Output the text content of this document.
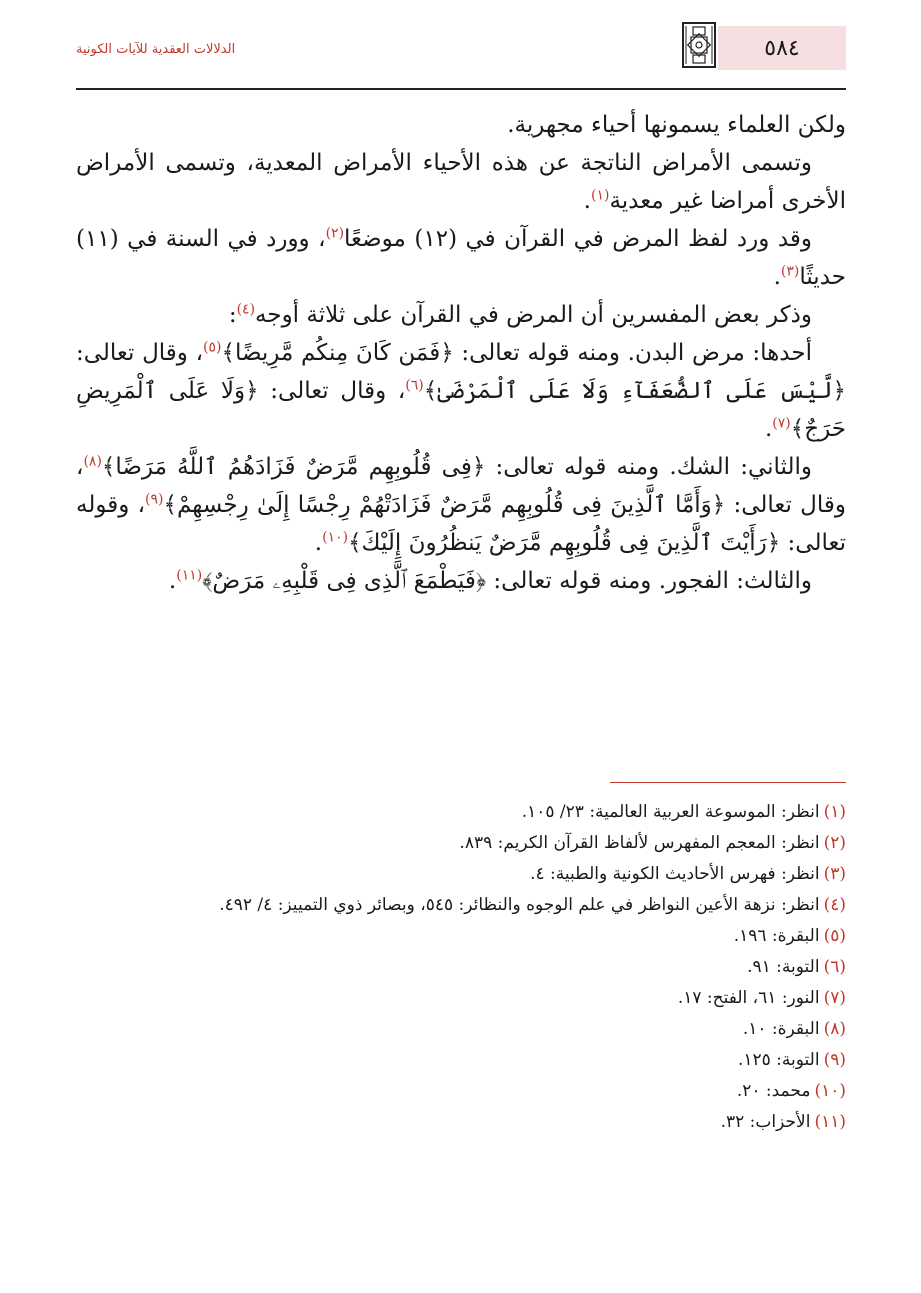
٥٨٤
الدلالات العقدية للآيات الكونية

ولكن العلماء يسمونها أحياء مجهرية.

وتسمى الأمراض الناتجة عن هذه الأحياء الأمراض المعدية، وتسمى الأمراض الأخرى أمراضا غير معدية$^{(١)}$.

وقد ورد لفظ المرض في القرآن في (١٢) موضعًا$^{(٢)}$، وورد في السنة في (١١) حديثًا$^{(٣)}$.

وذكر بعض المفسرين أن المرض في القرآن على ثلاثة أوجه$^{(٤)}$:

أحدها: مرض البدن. ومنه قوله تعالى: ﴿فَمَن كَانَ مِنكُم مَّرِيضًا﴾$^{(٥)}$، وقال تعالى: ﴿لَّيْسَ عَلَى ٱلضُّعَفَآءِ وَلَا عَلَى ٱلْمَرْضَىٰ﴾$^{(٦)}$، وقال تعالى: ﴿وَلَا عَلَى ٱلْمَرِيضِ حَرَجٌ﴾$^{(٧)}$.

والثاني: الشك. ومنه قوله تعالى: ﴿فِى قُلُوبِهِم مَّرَضٌ فَزَادَهُمُ ٱللَّهُ مَرَضًا﴾$^{(٨)}$، وقال تعالى: ﴿وَأَمَّا ٱلَّذِينَ فِى قُلُوبِهِم مَّرَضٌ فَزَادَتْهُمْ رِجْسًا إِلَىٰ رِجْسِهِمْ﴾$^{(٩)}$، وقوله تعالى: ﴿رَأَيْتَ ٱلَّذِينَ فِى قُلُوبِهِم مَّرَضٌ يَنظُرُونَ إِلَيْكَ﴾$^{(١٠)}$.

والثالث: الفجور. ومنه قوله تعالى: ﴿فَيَطْمَعَ ٱلَّذِى فِى قَلْبِهِۦ مَرَضٌ﴾$^{(١١)}$.

(١)انظر: الموسوعة العربية العالمية: ٢٣/ ١٠٥.

(٢)انظر: المعجم المفهرس لألفاظ القرآن الكريم: ٨٣٩.

(٣)انظر: فهرس الأحاديث الكونية والطبية: ٤.

(٤)انظر: نزهة الأعين النواظر في علم الوجوه والنظائر: ٥٤٥، وبصائر ذوي التمييز: ٤/ ٤٩٢.

(٥)البقرة: ١٩٦.

(٦)التوبة: ٩١.

(٧)النور: ٦١، الفتح: ١٧.

(٨)البقرة: ١٠.

(٩)التوبة: ١٢٥.

(١٠)محمد: ٢٠.

(١١)الأحزاب: ٣٢.
